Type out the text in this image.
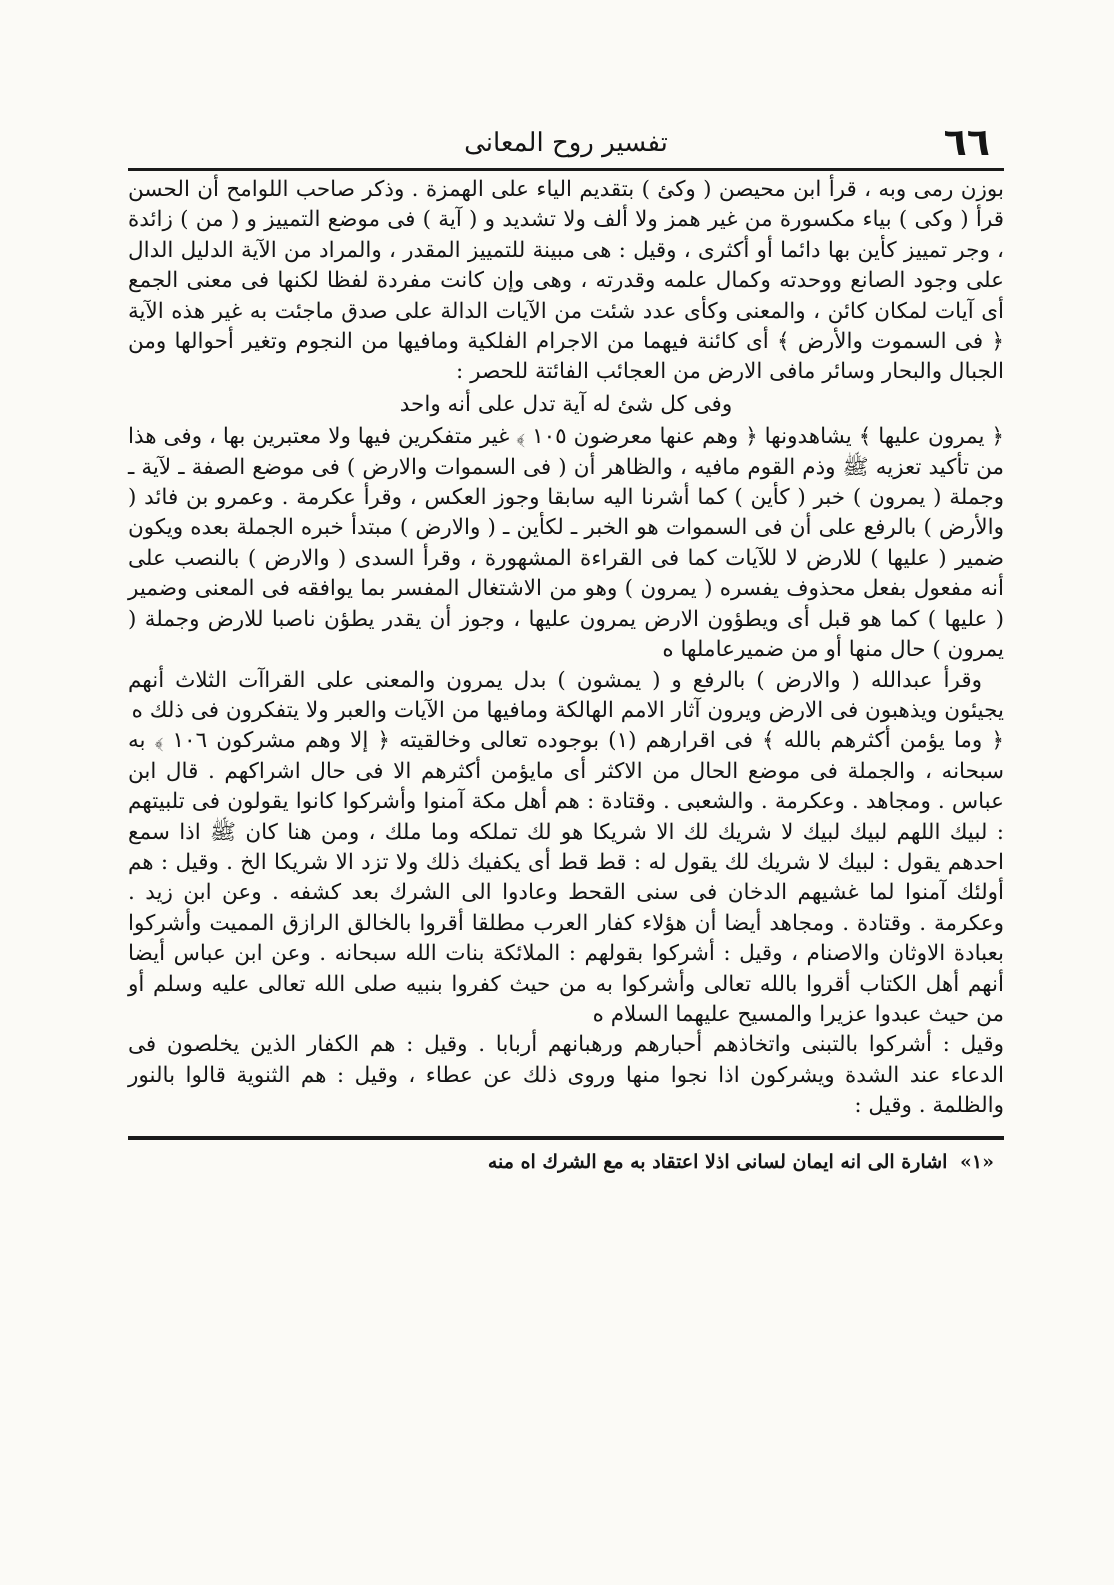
٦٦
تفسير روح المعانى

بوزن رمى وبه ، قرأ ابن محيصن ( وكئ ) بتقديم الياء على الهمزة . وذكر صاحب اللوامح أن الحسن قرأ ( وكى ) بياء مكسورة من غير همز ولا ألف ولا تشديد و ( آية ) فى موضع التمييز و ( من ) زائدة ، وجر تمييز كأين بها دائما أو أكثرى ، وقيل : هى مبينة للتمييز المقدر ، والمراد من الآية الدليل الدال على وجود الصانع ووحدته وكمال علمه وقدرته ، وهى وإن كانت مفردة لفظا لكنها فى معنى الجمع أى آيات لمكان كائن ، والمعنى وكأى عدد شئت من الآيات الدالة على صدق ماجئت به غير هذه الآية ﴿ فى السموت والأرض ﴾ أى كائنة فيهما من الاجرام الفلكية ومافيها من النجوم وتغير أحوالها ومن الجبال والبحار وسائر مافى الارض من العجائب الفائتة للحصر :

وفى كل شئ له آية تدل على أنه واحد

﴿ يمرون عليها ﴾ يشاهدونها ﴿ وهم عنها معرضون ١٠٥ ﴾ غير متفكرين فيها ولا معتبرين بها ، وفى هذا من تأكيد تعزيه ﷺ وذم القوم مافيه ، والظاهر أن ( فى السموات والارض ) فى موضع الصفة ـ لآية ـ وجملة ( يمرون ) خبر ( كأين ) كما أشرنا اليه سابقا وجوز العكس ، وقرأ عكرمة . وعمرو بن فائد ( والأرض ) بالرفع على أن فى السموات هو الخبر ـ لكأين ـ ( والارض ) مبتدأ خبره الجملة بعده ويكون ضمير ( عليها ) للارض لا للآيات كما فى القراءة المشهورة ، وقرأ السدى ( والارض ) بالنصب على أنه مفعول بفعل محذوف يفسره ( يمرون ) وهو من الاشتغال المفسر بما يوافقه فى المعنى وضمير ( عليها ) كما هو قبل أى ويطؤون الارض يمرون عليها ، وجوز أن يقدر يطؤن ناصبا للارض وجملة ( يمرون ) حال منها أو من ضميرعاملها ه

وقرأ عبدالله ( والارض ) بالرفع و ( يمشون ) بدل يمرون والمعنى على القراآت الثلاث أنهم يجيئون ويذهبون فى الارض ويرون آثار الامم الهالكة ومافيها من الآيات والعبر ولا يتفكرون فى ذلك ه

﴿ وما يؤمن أكثرهم بالله ﴾ فى اقرارهم (١) بوجوده تعالى وخالقيته ﴿ إلا وهم مشركون ١٠٦ ﴾ به سبحانه ، والجملة فى موضع الحال من الاكثر أى مايؤمن أكثرهم الا فى حال اشراكهم . قال ابن عباس . ومجاهد . وعكرمة . والشعبى . وقتادة : هم أهل مكة آمنوا وأشركوا كانوا يقولون فى تلبيتهم : لبيك اللهم لبيك لبيك لا شريك لك الا شريكا هو لك تملكه وما ملك ، ومن هنا كان ﷺ اذا سمع احدهم يقول : لبيك لا شريك لك يقول له : قط قط أى يكفيك ذلك ولا تزد الا شريكا الخ . وقيل : هم أولئك آمنوا لما غشيهم الدخان فى سنى القحط وعادوا الى الشرك بعد كشفه . وعن ابن زيد . وعكرمة . وقتادة . ومجاهد أيضا أن هؤلاء كفار العرب مطلقا أقروا بالخالق الرازق المميت وأشركوا بعبادة الاوثان والاصنام ، وقيل : أشركوا بقولهم : الملائكة بنات الله سبحانه . وعن ابن عباس أيضا أنهم أهل الكتاب أقروا بالله تعالى وأشركوا به من حيث كفروا بنبيه صلى الله تعالى عليه وسلم أو من حيث عبدوا عزيرا والمسيح عليهما السلام ه

وقيل : أشركوا بالتبنى واتخاذهم أحبارهم ورهبانهم أربابا . وقيل : هم الكفار الذين يخلصون فى الدعاء عند الشدة ويشركون اذا نجوا منها وروى ذلك عن عطاء ، وقيل : هم الثنوية قالوا بالنور والظلمة . وقيل :

«١» اشارة الى انه ايمان لسانى اذلا اعتقاد به مع الشرك اه منه
